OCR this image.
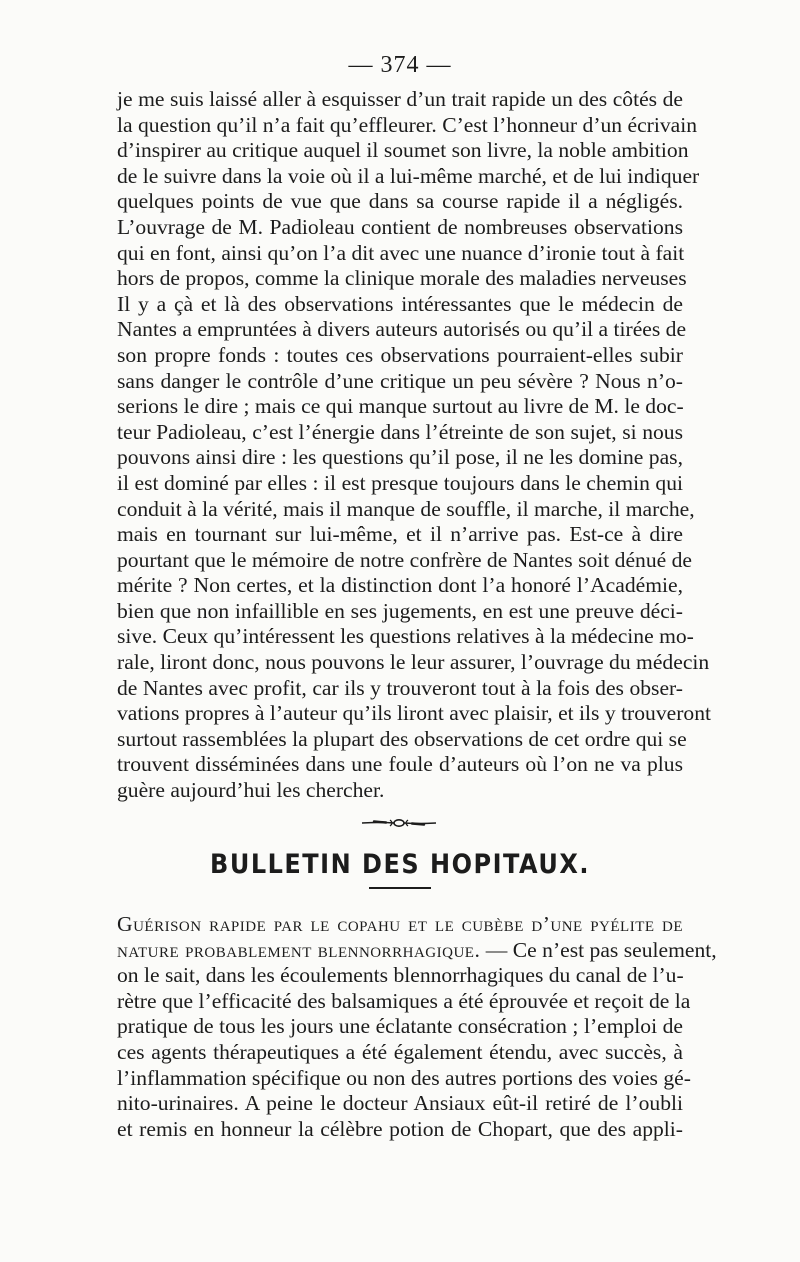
— 374 —
je me suis laissé aller à esquisser d’un trait rapide un des côtés de
la question qu’il n’a fait qu’effleurer. C’est l’honneur d’un écrivain
d’inspirer au critique auquel il soumet son livre, la noble ambition
de le suivre dans la voie où il a lui-même marché, et de lui indiquer
quelques points de vue que dans sa course rapide il a négligés.
L’ouvrage de M. Padioleau contient de nombreuses observations
qui en font, ainsi qu’on l’a dit avec une nuance d’ironie tout à fait
hors de propos, comme la clinique morale des maladies nerveuses
Il y a çà et là des observations intéressantes que le médecin de
Nantes a empruntées à divers auteurs autorisés ou qu’il a tirées de
son propre fonds : toutes ces observations pourraient-elles subir
sans danger le contrôle d’une critique un peu sévère ? Nous n’o-
serions le dire ; mais ce qui manque surtout au livre de M. le doc-
teur Padioleau, c’est l’énergie dans l’étreinte de son sujet, si nous
pouvons ainsi dire : les questions qu’il pose, il ne les domine pas,
il est dominé par elles : il est presque toujours dans le chemin qui
conduit à la vérité, mais il manque de souffle, il marche, il marche,
mais en tournant sur lui-même, et il n’arrive pas. Est-ce à dire
pourtant que le mémoire de notre confrère de Nantes soit dénué de
mérite ? Non certes, et la distinction dont l’a honoré l’Académie,
bien que non infaillible en ses jugements, en est une preuve déci-
sive. Ceux qu’intéressent les questions relatives à la médecine mo-
rale, liront donc, nous pouvons le leur assurer, l’ouvrage du médecin
de Nantes avec profit, car ils y trouveront tout à la fois des obser-
vations propres à l’auteur qu’ils liront avec plaisir, et ils y trouveront
surtout rassemblées la plupart des observations de cet ordre qui se
trouvent disséminées dans une foule d’auteurs où l’on ne va plus
guère aujourd’hui les chercher.
BULLETIN DES HOPITAUX.
Guérison rapide par le copahu et le cubèbe d’une pyélite de
nature probablement blennorrhagique. — Ce n’est pas seulement,
on le sait, dans les écoulements blennorrhagiques du canal de l’u-
rètre que l’efficacité des balsamiques a été éprouvée et reçoit de la
pratique de tous les jours une éclatante consécration ; l’emploi de
ces agents thérapeutiques a été également étendu, avec succès, à
l’inflammation spécifique ou non des autres portions des voies gé-
nito-urinaires. A peine le docteur Ansiaux eût-il retiré de l’oubli
et remis en honneur la célèbre potion de Chopart, que des appli-
